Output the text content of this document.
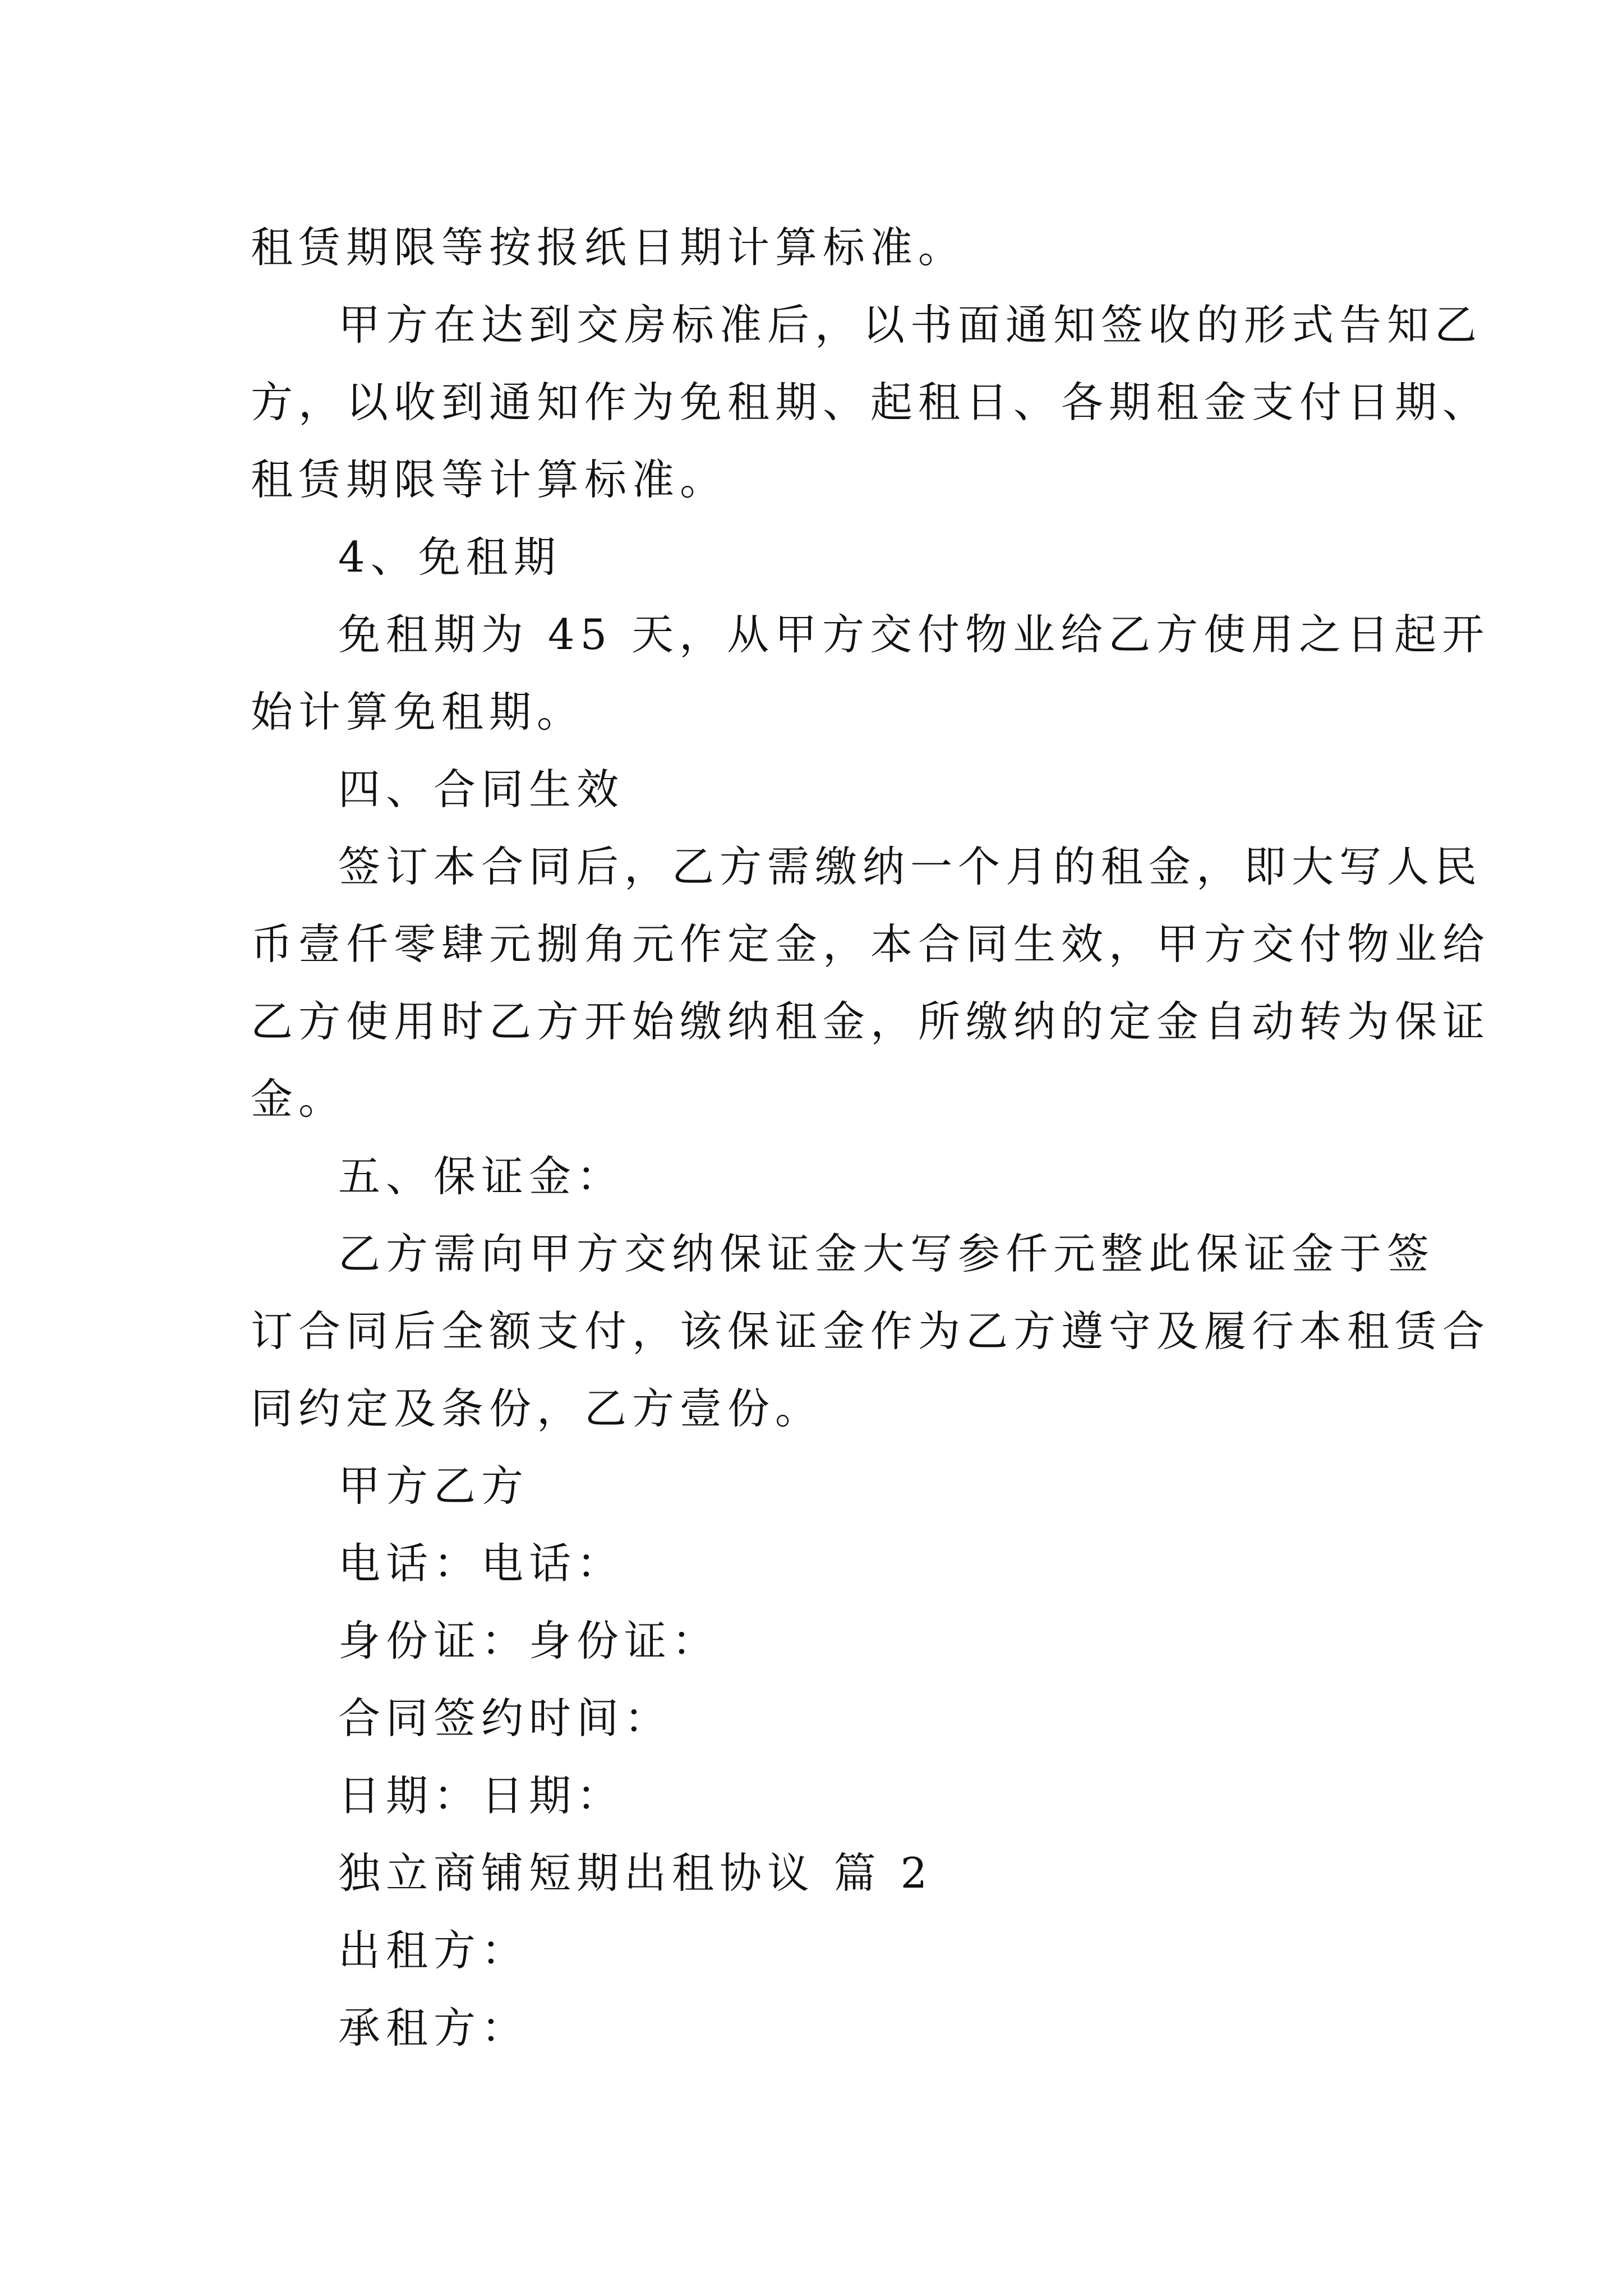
租赁期限等按报纸日期计算标准。
甲方在达到交房标准后，以书面通知签收的形式告知乙
方，以收到通知作为免租期、起租日、各期租金支付日期、
租赁期限等计算标准。
4、免租期
免租期为 45 天，从甲方交付物业给乙方使用之日起开
始计算免租期。
四、合同生效
签订本合同后，乙方需缴纳一个月的租金，即大写人民
币壹仟零肆元捌角元作定金，本合同生效，甲方交付物业给
乙方使用时乙方开始缴纳租金，所缴纳的定金自动转为保证
金。
五、保证金：
乙方需向甲方交纳保证金大写参仟元整此保证金于签
订合同后全额支付，该保证金作为乙方遵守及履行本租赁合
同约定及条份，乙方壹份。
甲方乙方
电话：电话：
身份证：身份证：
合同签约时间：
日期：日期：
独立商铺短期出租协议 篇 2
出租方：
承租方：
